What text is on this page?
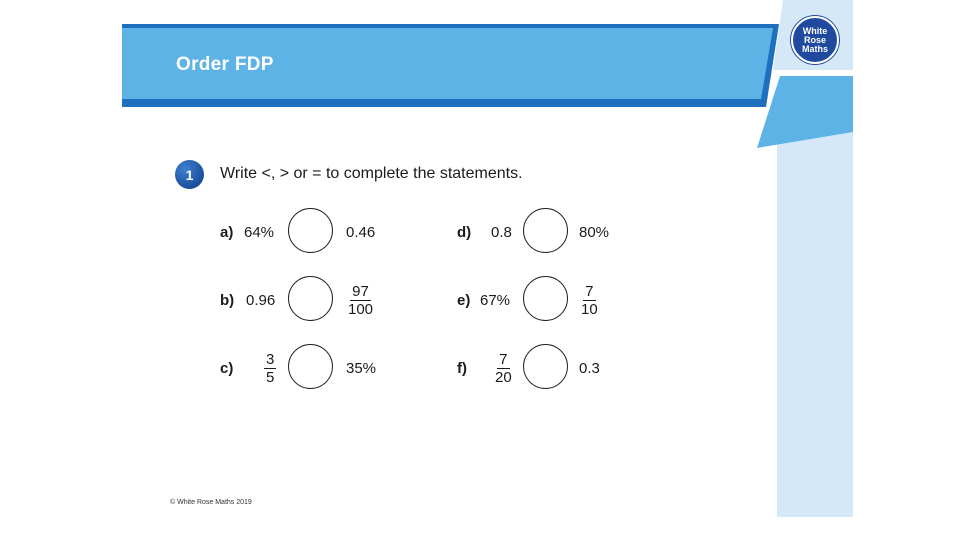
Order FDP
White
Rose
Maths
1	Write <, > or = to complete the statements.
a) 64%	0.46
b) 0.96	$\frac{97}{100}$
$c) \frac{3}{5}$	35%
d) 0.8	80%
e) 67%	$\frac{7}{10}$
$f) \frac{7}{20}$	0.3
© White Rose Maths 2019
